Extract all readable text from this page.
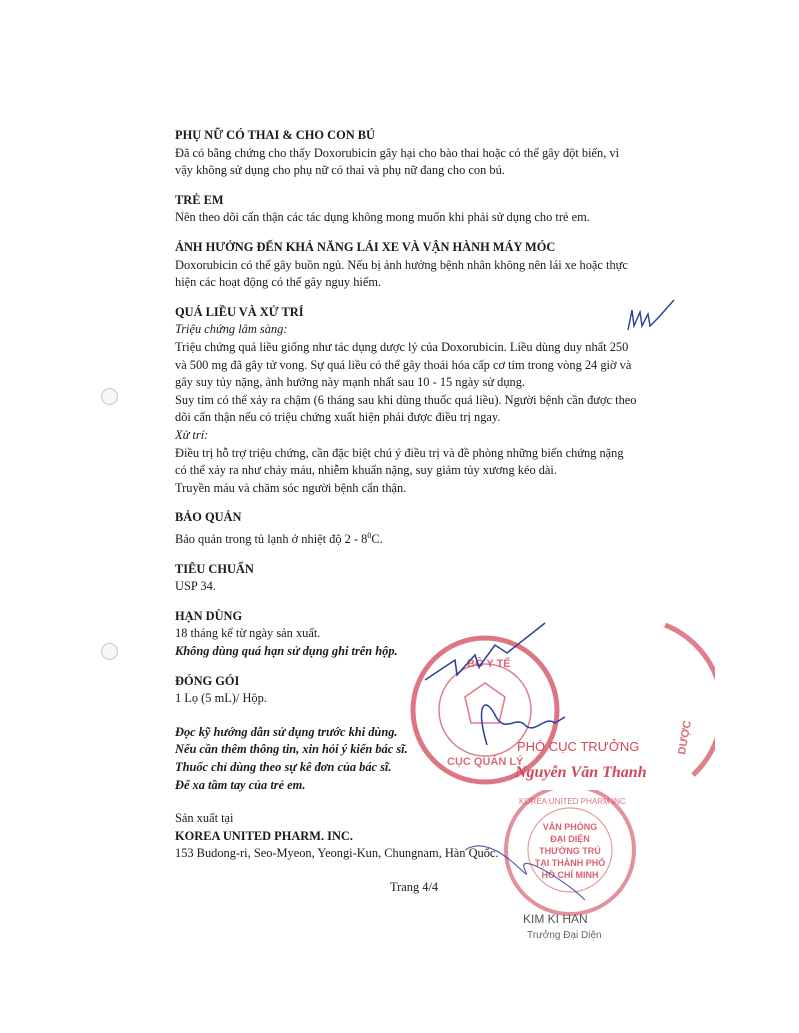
PHỤ NỮ CÓ THAI & CHO CON BÚ
Đã có bằng chứng cho thấy Doxorubicin gây hại cho bào thai hoặc có thể gây đột biến, vì
vậy không sử dụng cho phụ nữ có thai và phụ nữ đang cho con bú.
TRẺ EM
Nên theo dõi cẩn thận các tác dụng không mong muốn khi phải sử dụng cho trẻ em.
ẢNH HƯỞNG ĐẾN KHẢ NĂNG LÁI XE VÀ VẬN HÀNH MÁY MÓC
Doxorubicin có thể gây buồn ngủ. Nếu bị ảnh hưởng bệnh nhân không nên lái xe hoặc thực
hiện các hoạt động có thể gây nguy hiểm.
QUÁ LIỀU VÀ XỬ TRÍ
Triệu chứng lâm sàng:
Triệu chứng quá liều giống như tác dụng dược lý của Doxorubicin. Liều dùng duy nhất 250
và 500 mg đã gây tử vong. Sự quá liều có thể gây thoái hóa cấp cơ tim trong vòng 24 giờ và
gây suy tủy nặng, ảnh hưởng này mạnh nhất sau 10 - 15 ngày sử dụng.
Suy tim có thể xảy ra chậm (6 tháng sau khi dùng thuốc quá liều). Người bệnh cần được theo
dõi cẩn thận nếu có triệu chứng xuất hiện phải được điều trị ngay.
Xử trí:
Điều trị hỗ trợ triệu chứng, cần đặc biệt chú ý điều trị và đề phòng những biến chứng nặng
có thể xảy ra như chảy máu, nhiễm khuẩn nặng, suy giảm tủy xương kéo dài.
Truyền máu và chăm sóc người bệnh cẩn thận.
BẢO QUẢN
Bảo quản trong tủ lạnh ở nhiệt độ $2 - 8^0C$.
TIÊU CHUẨN
USP 34.
HẠN DÙNG
18 tháng kể từ ngày sản xuất.
Không dùng quá hạn sử dụng ghi trên hộp.
ĐÓNG GÓI
1 Lọ (5 mL)/ Hộp.
Đọc kỹ hướng dẫn sử dụng trước khi dùng.
Nếu cần thêm thông tin, xin hỏi ý kiến bác sĩ.
Thuốc chỉ dùng theo sự kê đơn của bác sĩ.
Để xa tầm tay của trẻ em.
Sản xuất tại
KOREA UNITED PHARM. INC.
153 Budong-ri, Seo-Myeon, Yeongi-Kun, Chungnam, Hàn Quốc.
Trang 4/4
BỘ Y TẾ
CỤC QUẢN LÝ
DƯỢC
PHÓ CỤC TRƯỞNG
Nguyễn Văn Thanh
KOREA UNITED PHARM INC
VĂN PHÒNG
ĐẠI DIỆN
THƯỜNG TRÚ
TẠI THÀNH PHỐ
HỒ CHÍ MINH
KIM KI HAN
Trưởng Đại Diện
